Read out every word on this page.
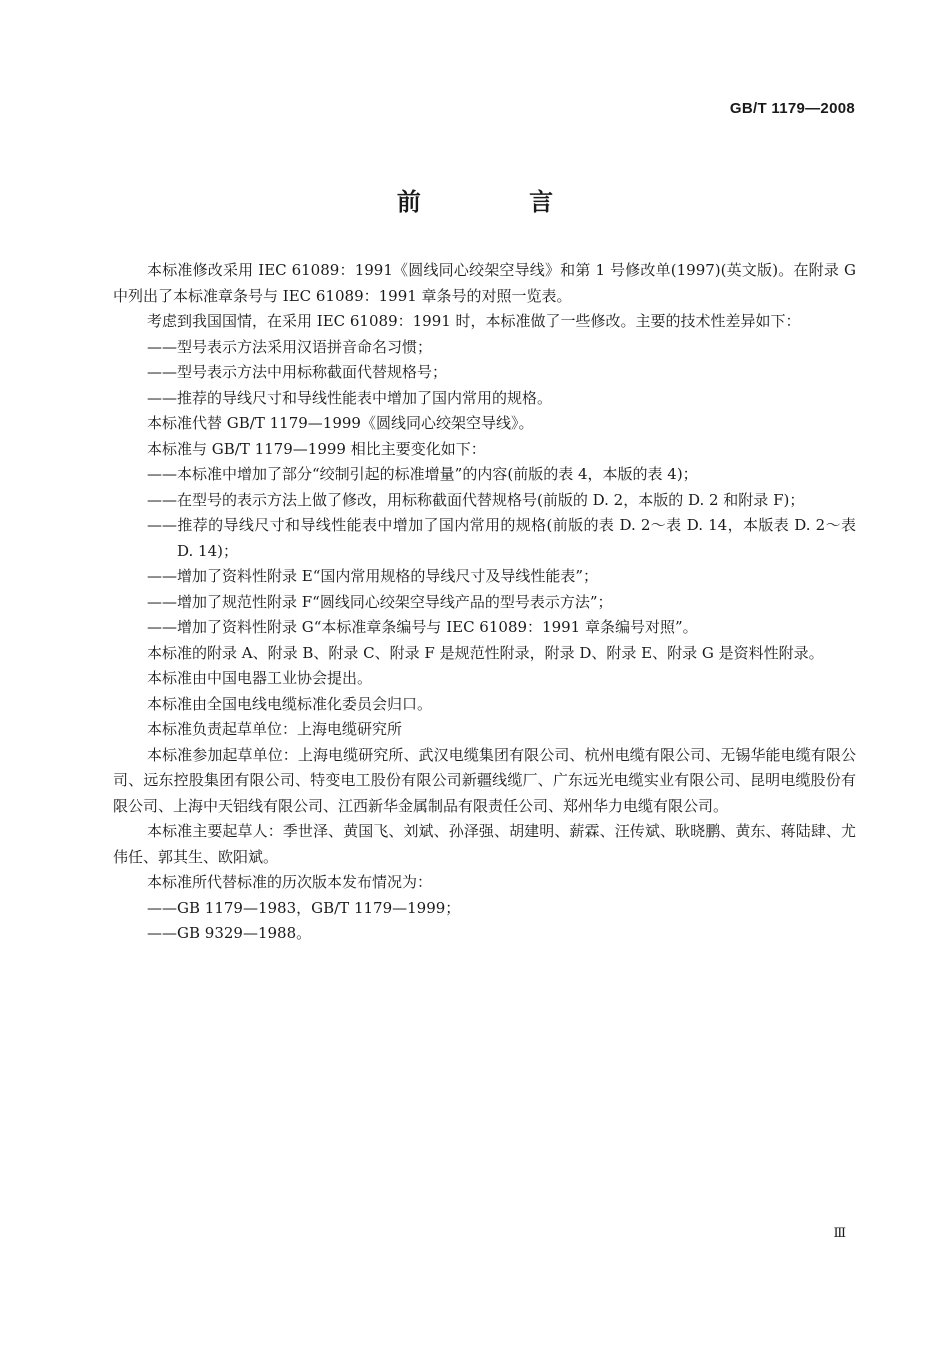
GB/T 1179—2008
前 言

本标准修改采用 IEC 61089：1991《圆线同心绞架空导线》和第 1 号修改单(1997)(英文版)。在附录 G 中列出了本标准章条号与 IEC 61089：1991 章条号的对照一览表。

考虑到我国国情，在采用 IEC 61089：1991 时，本标准做了一些修改。主要的技术性差异如下：

——型号表示方法采用汉语拼音命名习惯；

——型号表示方法中用标称截面代替规格号；

——推荐的导线尺寸和导线性能表中增加了国内常用的规格。

本标准代替 GB/T 1179—1999《圆线同心绞架空导线》。

本标准与 GB/T 1179—1999 相比主要变化如下：

——本标准中增加了部分“绞制引起的标准增量”的内容(前版的表 4，本版的表 4)；

——在型号的表示方法上做了修改，用标称截面代替规格号(前版的 D. 2，本版的 D. 2 和附录 F)；

——推荐的导线尺寸和导线性能表中增加了国内常用的规格(前版的表 D. 2～表 D. 14，本版表 D. 2～表 D. 14)；

——增加了资料性附录 E“国内常用规格的导线尺寸及导线性能表”；

——增加了规范性附录 F“圆线同心绞架空导线产品的型号表示方法”；

——增加了资料性附录 G“本标准章条编号与 IEC 61089：1991 章条编号对照”。

本标准的附录 A、附录 B、附录 C、附录 F 是规范性附录，附录 D、附录 E、附录 G 是资料性附录。

本标准由中国电器工业协会提出。

本标准由全国电线电缆标准化委员会归口。

本标准负责起草单位：上海电缆研究所

本标准参加起草单位：上海电缆研究所、武汉电缆集团有限公司、杭州电缆有限公司、无锡华能电缆有限公司、远东控股集团有限公司、特变电工股份有限公司新疆线缆厂、广东远光电缆实业有限公司、昆明电缆股份有限公司、上海中天铝线有限公司、江西新华金属制品有限责任公司、郑州华力电缆有限公司。

本标准主要起草人：季世泽、黄国飞、刘斌、孙泽强、胡建明、薪霖、汪传斌、耿晓鹏、黄东、蒋陆肆、尤伟任、郭其生、欧阳斌。

本标准所代替标准的历次版本发布情况为：

——GB 1179—1983，GB/T 1179—1999；

——GB 9329—1988。

Ⅲ
